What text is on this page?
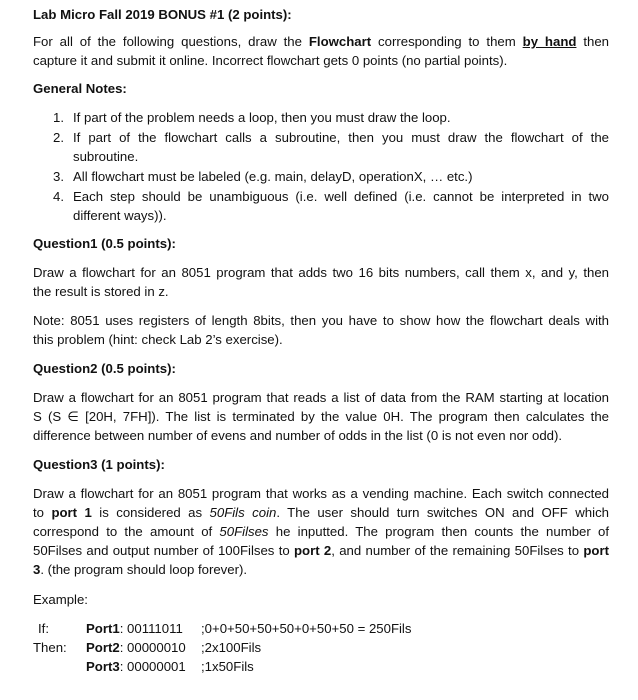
Lab Micro Fall 2019 BONUS #1 (2 points):
For all of the following questions, draw the Flowchart corresponding to them by hand then
capture it and submit it online. Incorrect flowchart gets 0 points (no partial points).
General Notes:
1. If part of the problem needs a loop, then you must draw the loop.
2. If part of the flowchart calls a subroutine, then you must draw the flowchart of the
subroutine.
3. All flowchart must be labeled (e.g. main, delayD, operationX, … etc.)
4. Each step should be unambiguous (i.e. well defined (i.e. cannot be interpreted in two
different ways)).
Question1 (0.5 points):
Draw a flowchart for an 8051 program that adds two 16 bits numbers, call them x, and y, then
the result is stored in z.
Note: 8051 uses registers of length 8bits, then you have to show how the flowchart deals with
this problem (hint: check Lab 2’s exercise).
Question2 (0.5 points):
Draw a flowchart for an 8051 program that reads a list of data from the RAM starting at location
S (S ∈ [20H, 7FH]). The list is terminated by the value 0H. The program then calculates the
difference between number of evens and number of odds in the list (0 is not even nor odd).
Question3 (1 points):
Draw a flowchart for an 8051 program that works as a vending machine. Each switch connected
to port 1 is considered as 50Fils coin. The user should turn switches ON and OFF which
correspond to the amount of 50Filses he inputted. The program then counts the number of
50Filses and output number of 100Filses to port 2, and number of the remaining 50Filses to port
3. (the program should loop forever).
Example:
If:
Then:
Port1: 00111011 ;0+0+50+50+50+0+50+50 = 250Fils
Port2: 00000010 ;2x100Fils
Port3: 00000001 ;1x50Fils
